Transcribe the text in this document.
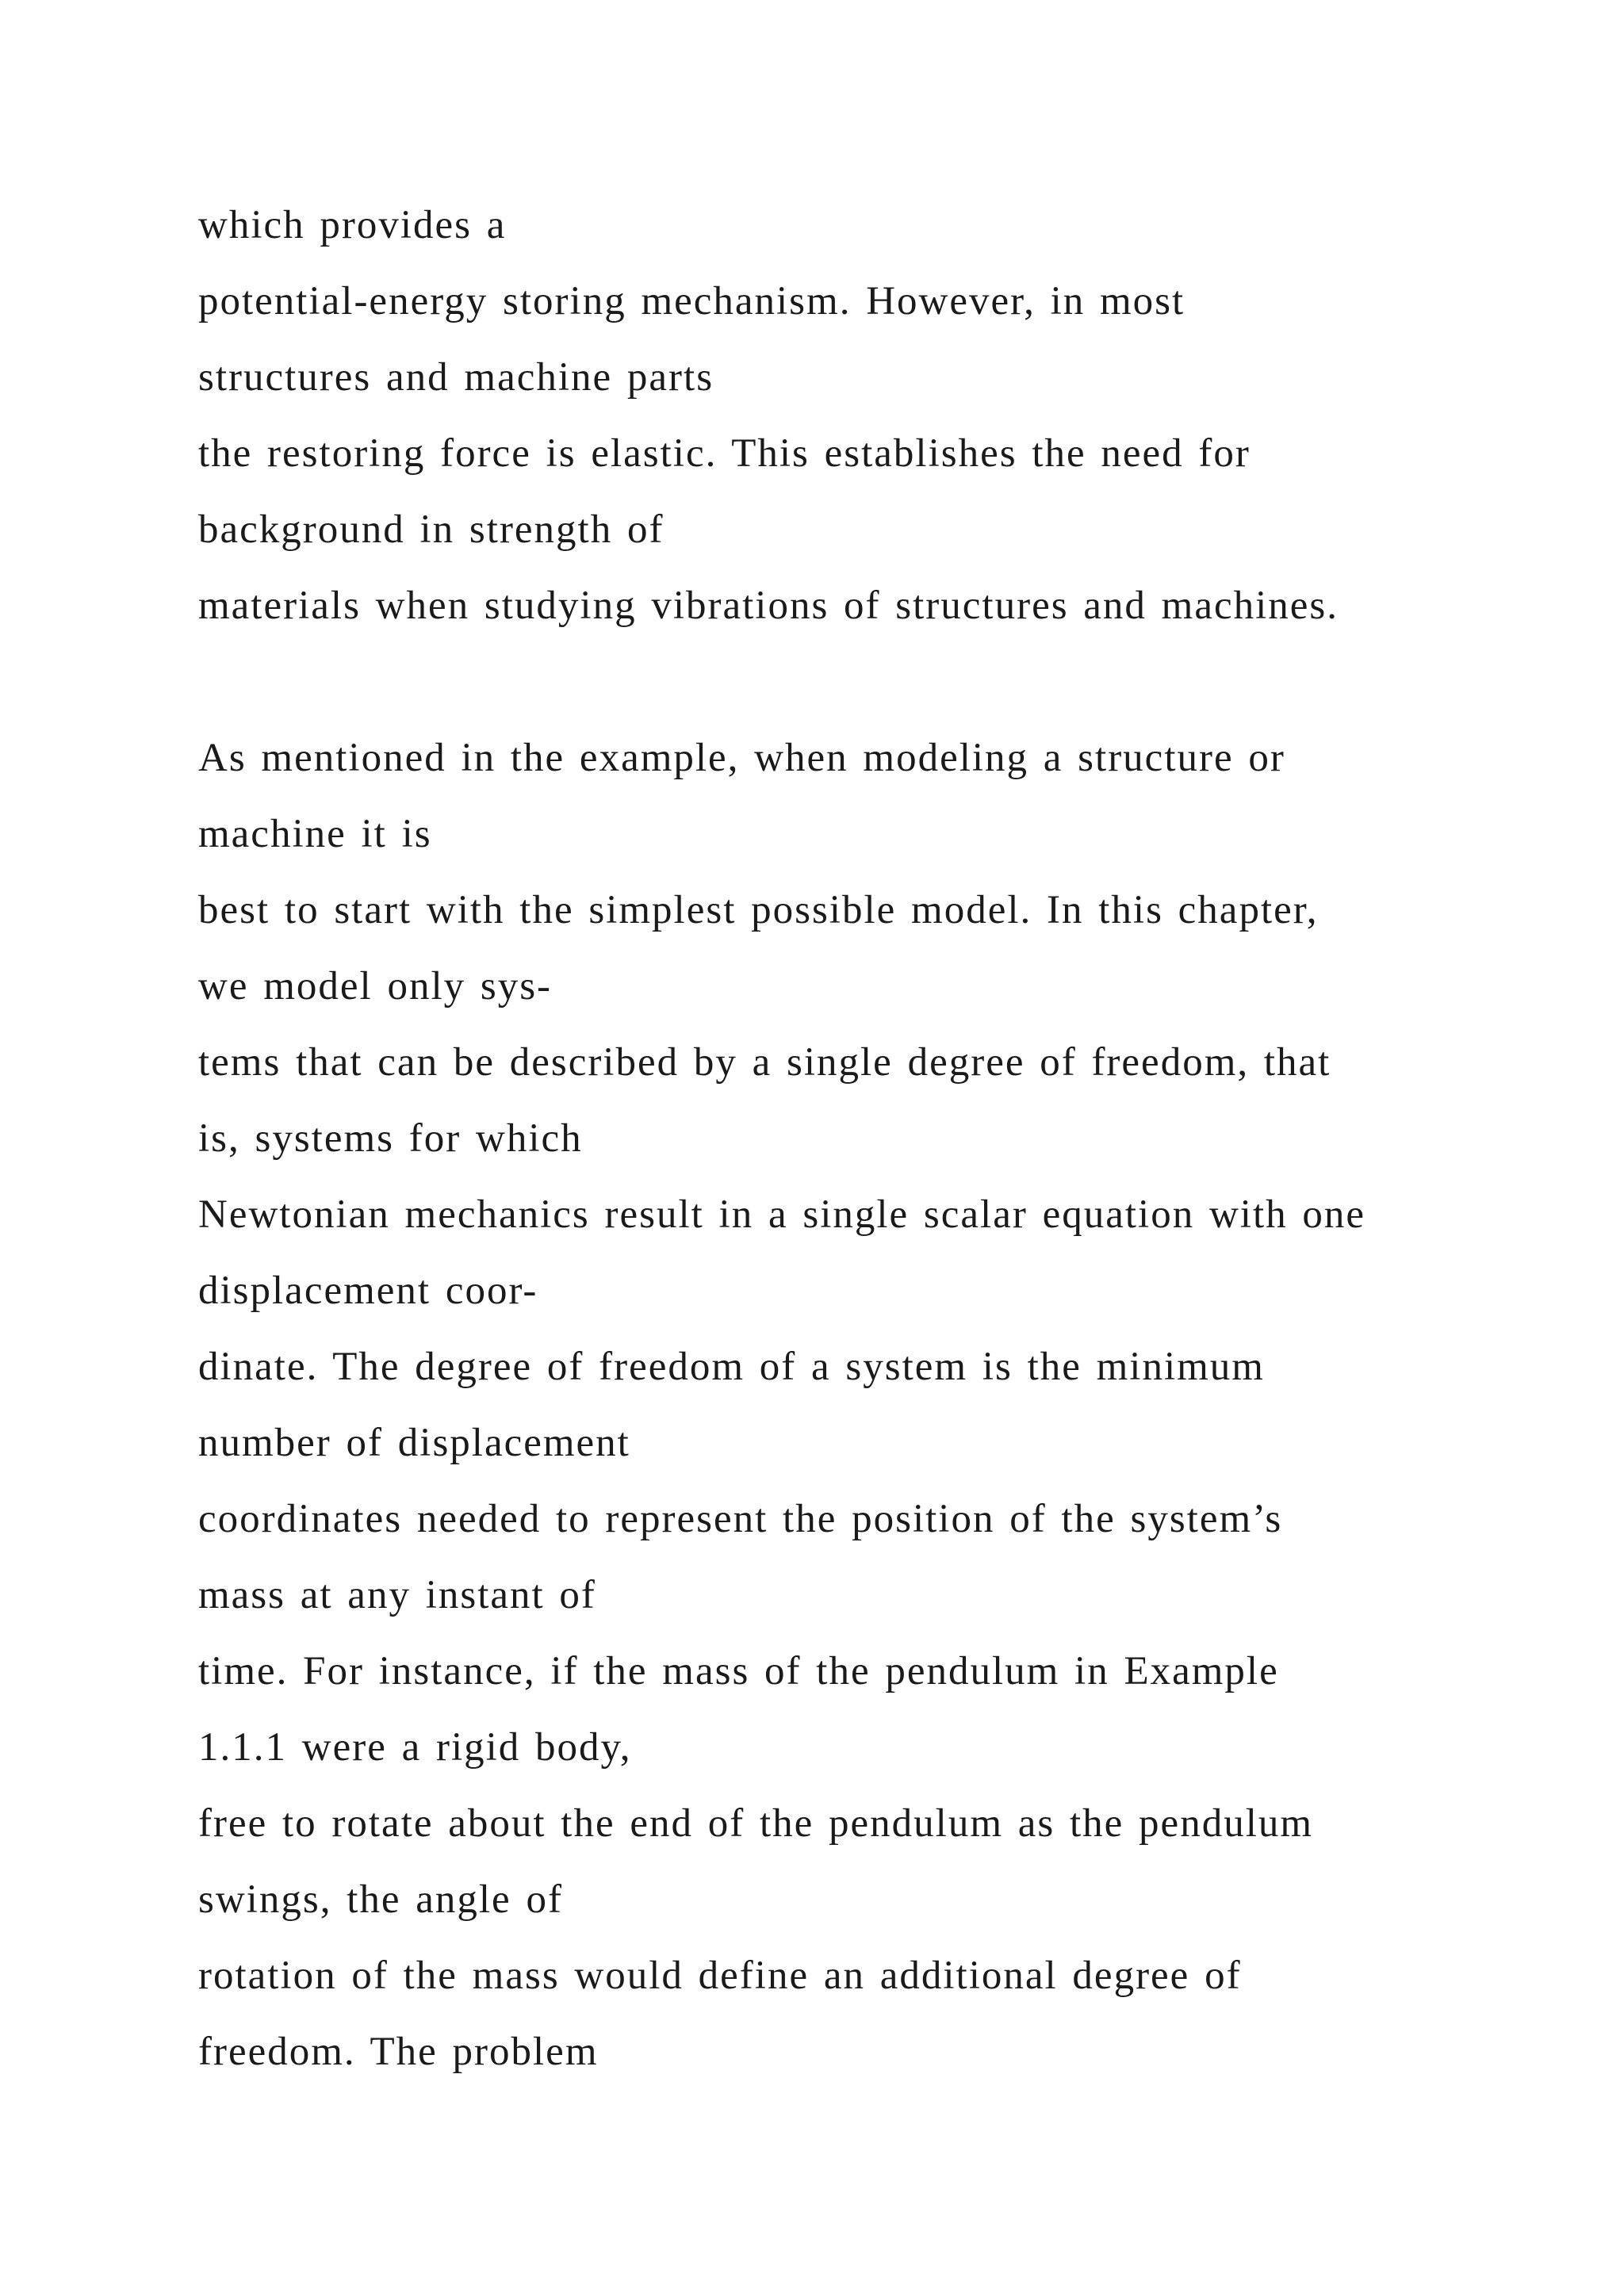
which provides a
potential-energy storing mechanism. However, in most
structures and machine parts
the restoring force is elastic. This establishes the need for
background in strength of
materials when studying vibrations of structures and machines.
As mentioned in the example, when modeling a structure or
machine it is
best to start with the simplest possible model. In this chapter,
we model only sys-
tems that can be described by a single degree of freedom, that
is, systems for which
Newtonian mechanics result in a single scalar equation with one
displacement coor-
dinate. The degree of freedom of a system is the minimum
number of displacement
coordinates needed to represent the position of the system’s
mass at any instant of
time. For instance, if the mass of the pendulum in Example
1.1.1 were a rigid body,
free to rotate about the end of the pendulum as the pendulum
swings, the angle of
rotation of the mass would define an additional degree of
freedom. The problem
